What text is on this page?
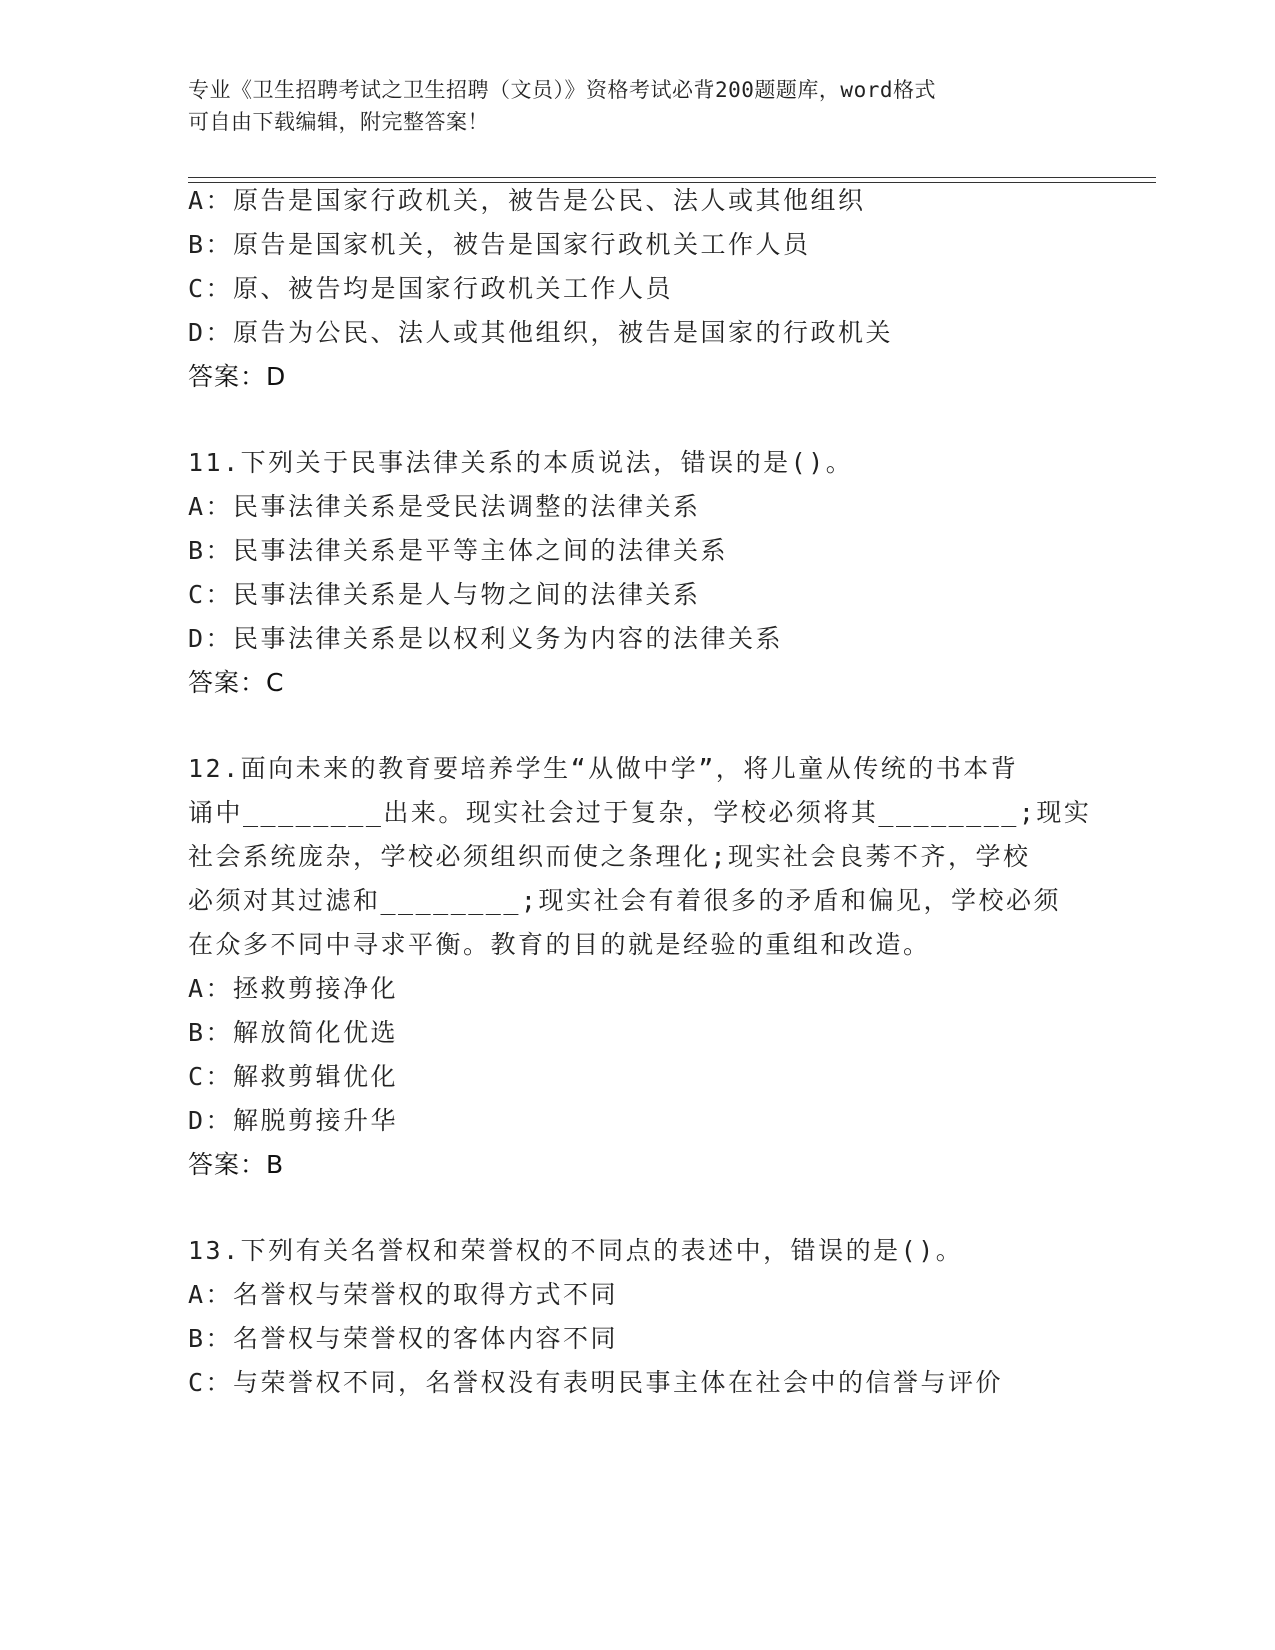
专业《卫生招聘考试之卫生招聘（文员）》资格考试必背200题题库，word格式
可自由下载编辑，附完整答案！
A：原告是国家行政机关，被告是公民、法人或其他组织
B：原告是国家机关，被告是国家行政机关工作人员
C：原、被告均是国家行政机关工作人员
D：原告为公民、法人或其他组织，被告是国家的行政机关
答案：D
11.下列关于民事法律关系的本质说法，错误的是()。
A：民事法律关系是受民法调整的法律关系
B：民事法律关系是平等主体之间的法律关系
C：民事法律关系是人与物之间的法律关系
D：民事法律关系是以权利义务为内容的法律关系
答案：C
12.面向未来的教育要培养学生“从做中学”，将儿童从传统的书本背
诵中________出来。现实社会过于复杂，学校必须将其________;现实
社会系统庞杂，学校必须组织而使之条理化;现实社会良莠不齐，学校
必须对其过滤和________;现实社会有着很多的矛盾和偏见，学校必须
在众多不同中寻求平衡。教育的目的就是经验的重组和改造。
A：拯救剪接净化
B：解放简化优选
C：解救剪辑优化
D：解脱剪接升华
答案：B
13.下列有关名誉权和荣誉权的不同点的表述中，错误的是()。
A：名誉权与荣誉权的取得方式不同
B：名誉权与荣誉权的客体内容不同
C：与荣誉权不同，名誉权没有表明民事主体在社会中的信誉与评价
